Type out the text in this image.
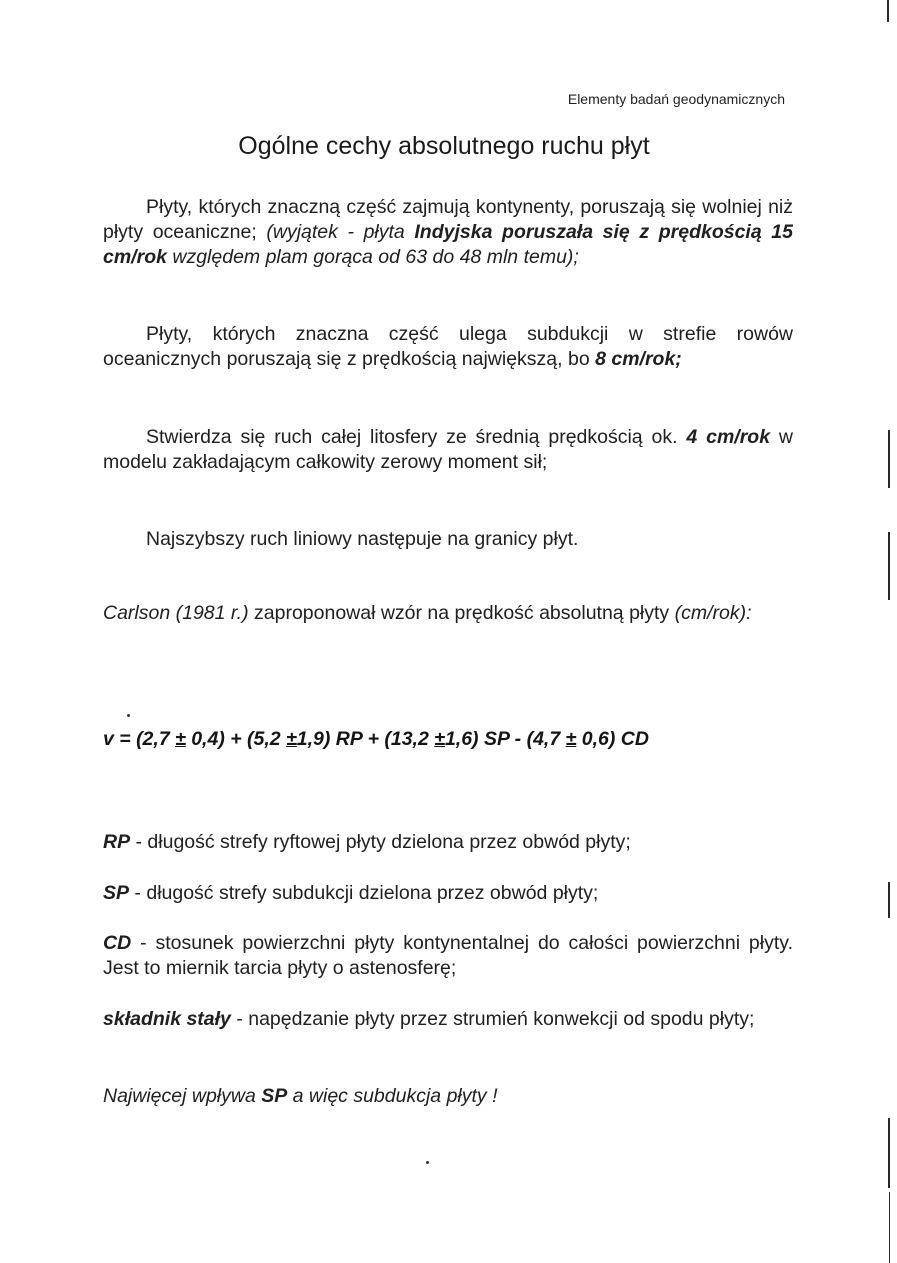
Elementy badań geodynamicznych
Ogólne cechy absolutnego ruchu płyt
Płyty, których znaczną część zajmują kontynenty, poruszają się wolniej niż płyty oceaniczne; (wyjątek - płyta Indyjska poruszała się z prędkością 15 cm/rok względem plam gorąca od 63 do 48 mln temu);
Płyty, których znaczna część ulega subdukcji w strefie rowów oceanicznych poruszają się z prędkością największą, bo 8 cm/rok;
Stwierdza się ruch całej litosfery ze średnią prędkością ok. 4 cm/rok w modelu zakładającym całkowity zerowy moment sił;
Najszybszy ruch liniowy następuje na granicy płyt.
Carlson (1981 r.) zaproponował wzór na prędkość absolutną płyty (cm/rok):
v = (2,7 ± 0,4) + (5,2 ±1,9) RP + (13,2 ±1,6) SP - (4,7 ± 0,6) CD
RP - długość strefy ryftowej płyty dzielona przez obwód płyty;
SP - długość strefy subdukcji dzielona przez obwód płyty;
CD - stosunek powierzchni płyty kontynentalnej do całości powierzchni płyty. Jest to miernik tarcia płyty o astenosferę;
składnik stały - napędzanie płyty przez strumień konwekcji od spodu płyty;
Najwięcej wpływa SP a więc subdukcja płyty !
